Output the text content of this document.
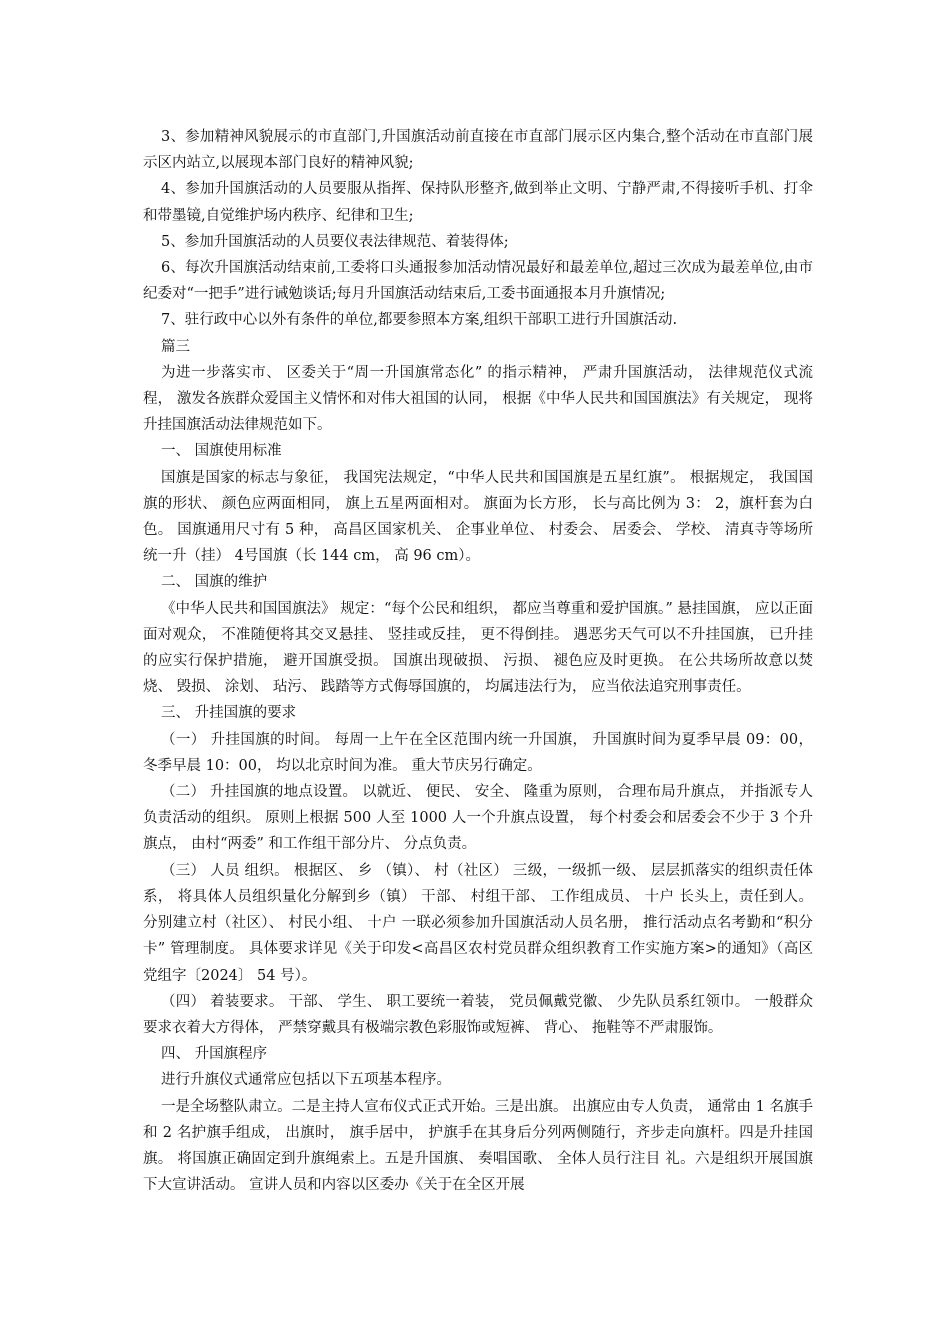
3、参加精神风貌展示的市直部门,升国旗活动前直接在市直部门展示区内集合,整个活动在市直部门展示区内站立,以展现本部门良好的精神风貌;

4、参加升国旗活动的人员要服从指挥、保持队形整齐,做到举止文明、宁静严肃,不得接听手机、打伞和带墨镜,自觉维护场内秩序、纪律和卫生;

5、参加升国旗活动的人员要仪表法律规范、着装得体;

6、每次升国旗活动结束前,工委将口头通报参加活动情况最好和最差单位,超过三次成为最差单位,由市纪委对“一把手”进行诫勉谈话;每月升国旗活动结束后,工委书面通报本月升旗情况;

7、驻行政中心以外有条件的单位,都要参照本方案,组织干部职工进行升国旗活动.

篇三

为进一步落实市、 区委关于“周一升国旗常态化” 的指示精神， 严肃升国旗活动， 法律规范仪式流程， 激发各族群众爱国主义情怀和对伟大祖国的认同， 根据《中华人民共和国国旗法》有关规定， 现将升挂国旗活动法律规范如下。

一、 国旗使用标准

国旗是国家的标志与象征， 我国宪法规定，“中华人民共和国国旗是五星红旗”。 根据规定， 我国国旗的形状、 颜色应两面相同， 旗上五星两面相对。 旗面为长方形， 长与高比例为 3： 2，旗杆套为白色。 国旗通用尺寸有 5 种， 高昌区国家机关、 企事业单位、 村委会、 居委会、 学校、 清真寺等场所统一升（挂） 4号国旗（长 144 cm， 高 96 cm）。

二、 国旗的维护

《中华人民共和国国旗法》 规定：“每个公民和组织， 都应当尊重和爱护国旗。” 悬挂国旗， 应以正面面对观众， 不准随便将其交叉悬挂、 竖挂或反挂， 更不得倒挂。 遇恶劣天气可以不升挂国旗， 已升挂的应实行保护措施， 避开国旗受损。 国旗出现破损、 污损、 褪色应及时更换。 在公共场所故意以焚烧、 毁损、 涂划、 玷污、 践踏等方式侮辱国旗的， 均属违法行为， 应当依法追究刑事责任。

三、 升挂国旗的要求

（一） 升挂国旗的时间。 每周一上午在全区范围内统一升国旗， 升国旗时间为夏季早晨 09：00， 冬季早晨 10：00， 均以北京时间为准。 重大节庆另行确定。

（二） 升挂国旗的地点设置。 以就近、 便民、 安全、 隆重为原则， 合理布局升旗点， 并指派专人负责活动的组织。 原则上根据 500 人至 1000 人一个升旗点设置， 每个村委会和居委会不少于 3 个升旗点， 由村“两委” 和工作组干部分片、 分点负责。

（三） 人员 组织。 根据区、 乡 （镇）、 村（社区） 三级，一级抓一级、 层层抓落实的组织责任体系， 将具体人员组织量化分解到乡（镇） 干部、 村组干部、 工作组成员、 十户 长头上，责任到人。 分别建立村（社区）、 村民小组、 十户 一联必须参加升国旗活动人员名册， 推行活动点名考勤和“积分卡” 管理制度。 具体要求详见《关于印发<高昌区农村党员群众组织教育工作实施方案>的通知》（高区党组字〔2024〕 54 号）。

（四） 着装要求。 干部、 学生、 职工要统一着装， 党员佩戴党徽、 少先队员系红领巾。 一般群众要求衣着大方得体， 严禁穿戴具有极端宗教色彩服饰或短裤、 背心、 拖鞋等不严肃服饰。

四、 升国旗程序

进行升旗仪式通常应包括以下五项基本程序。

一是全场整队肃立。二是主持人宣布仪式正式开始。三是出旗。 出旗应由专人负责， 通常由 1 名旗手和 2 名护旗手组成， 出旗时， 旗手居中， 护旗手在其身后分列两侧随行，齐步走向旗杆。四是升挂国旗。 将国旗正确固定到升旗绳索上。五是升国旗、 奏唱国歌、 全体人员行注目 礼。六是组织开展国旗下大宣讲活动。 宣讲人员和内容以区委办《关于在全区开展
